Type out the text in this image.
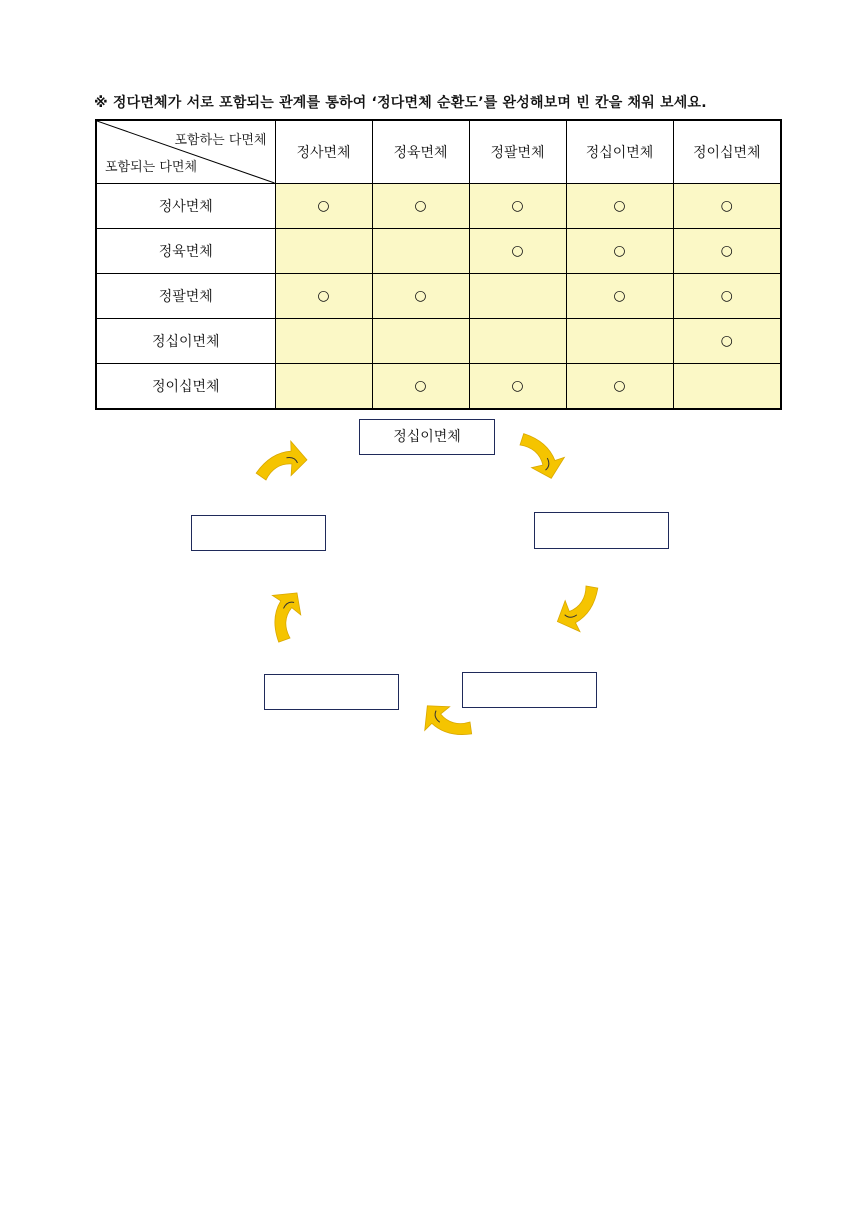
※ 정다면체가 서로 포함되는 관계를 통하여 ‘정다면체 순환도’를 완성해보며 빈 칸을 채워 보세요.
포함하는 다면체
포함되는 다면체	정사면체	정육면체	정팔면체	정십이면체	정이십면체
정사면체	○	○	○	○	○
정육면체			○	○	○
정팔면체	○	○		○	○
정십이면체					○
정이십면체		○	○	○	
정십이면체
